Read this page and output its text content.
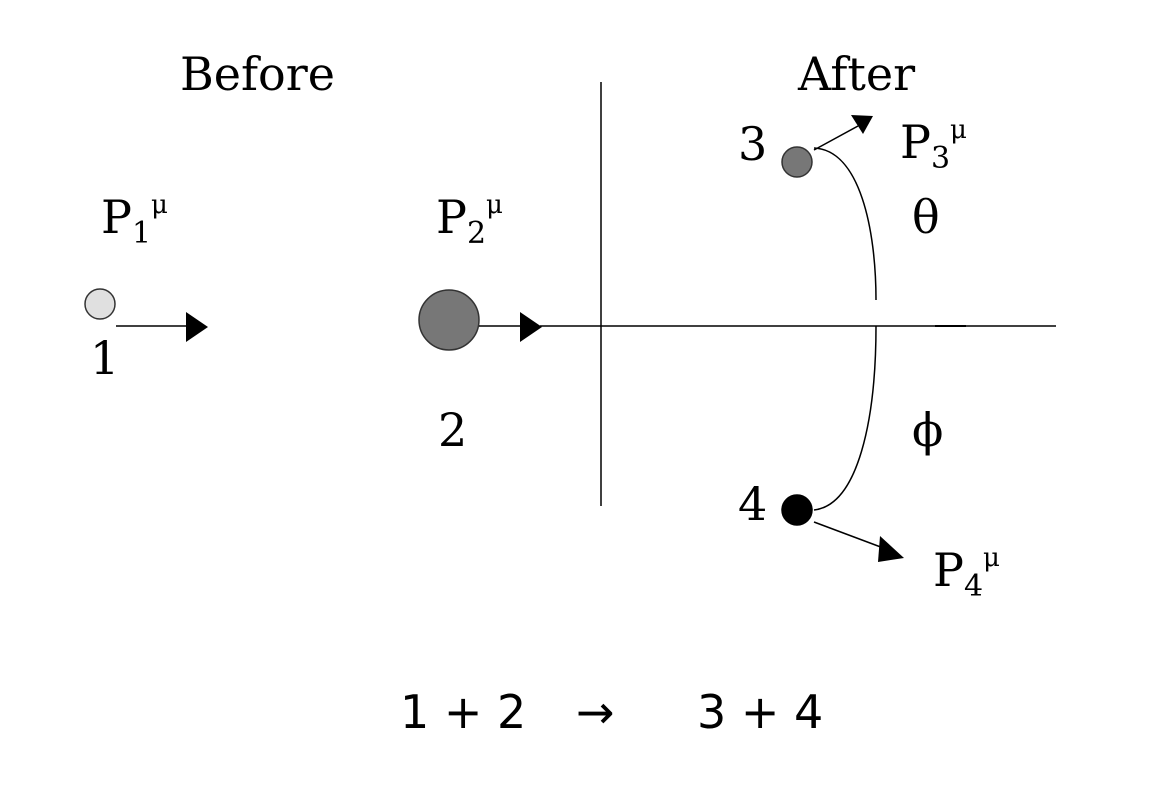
Before	After
1
$P_1^\mu$
2
$P_2^\mu$
3	$P_3^\mu$
4
$P_4^\mu$
θ
ϕ
1 + 2 → 3 + 4
